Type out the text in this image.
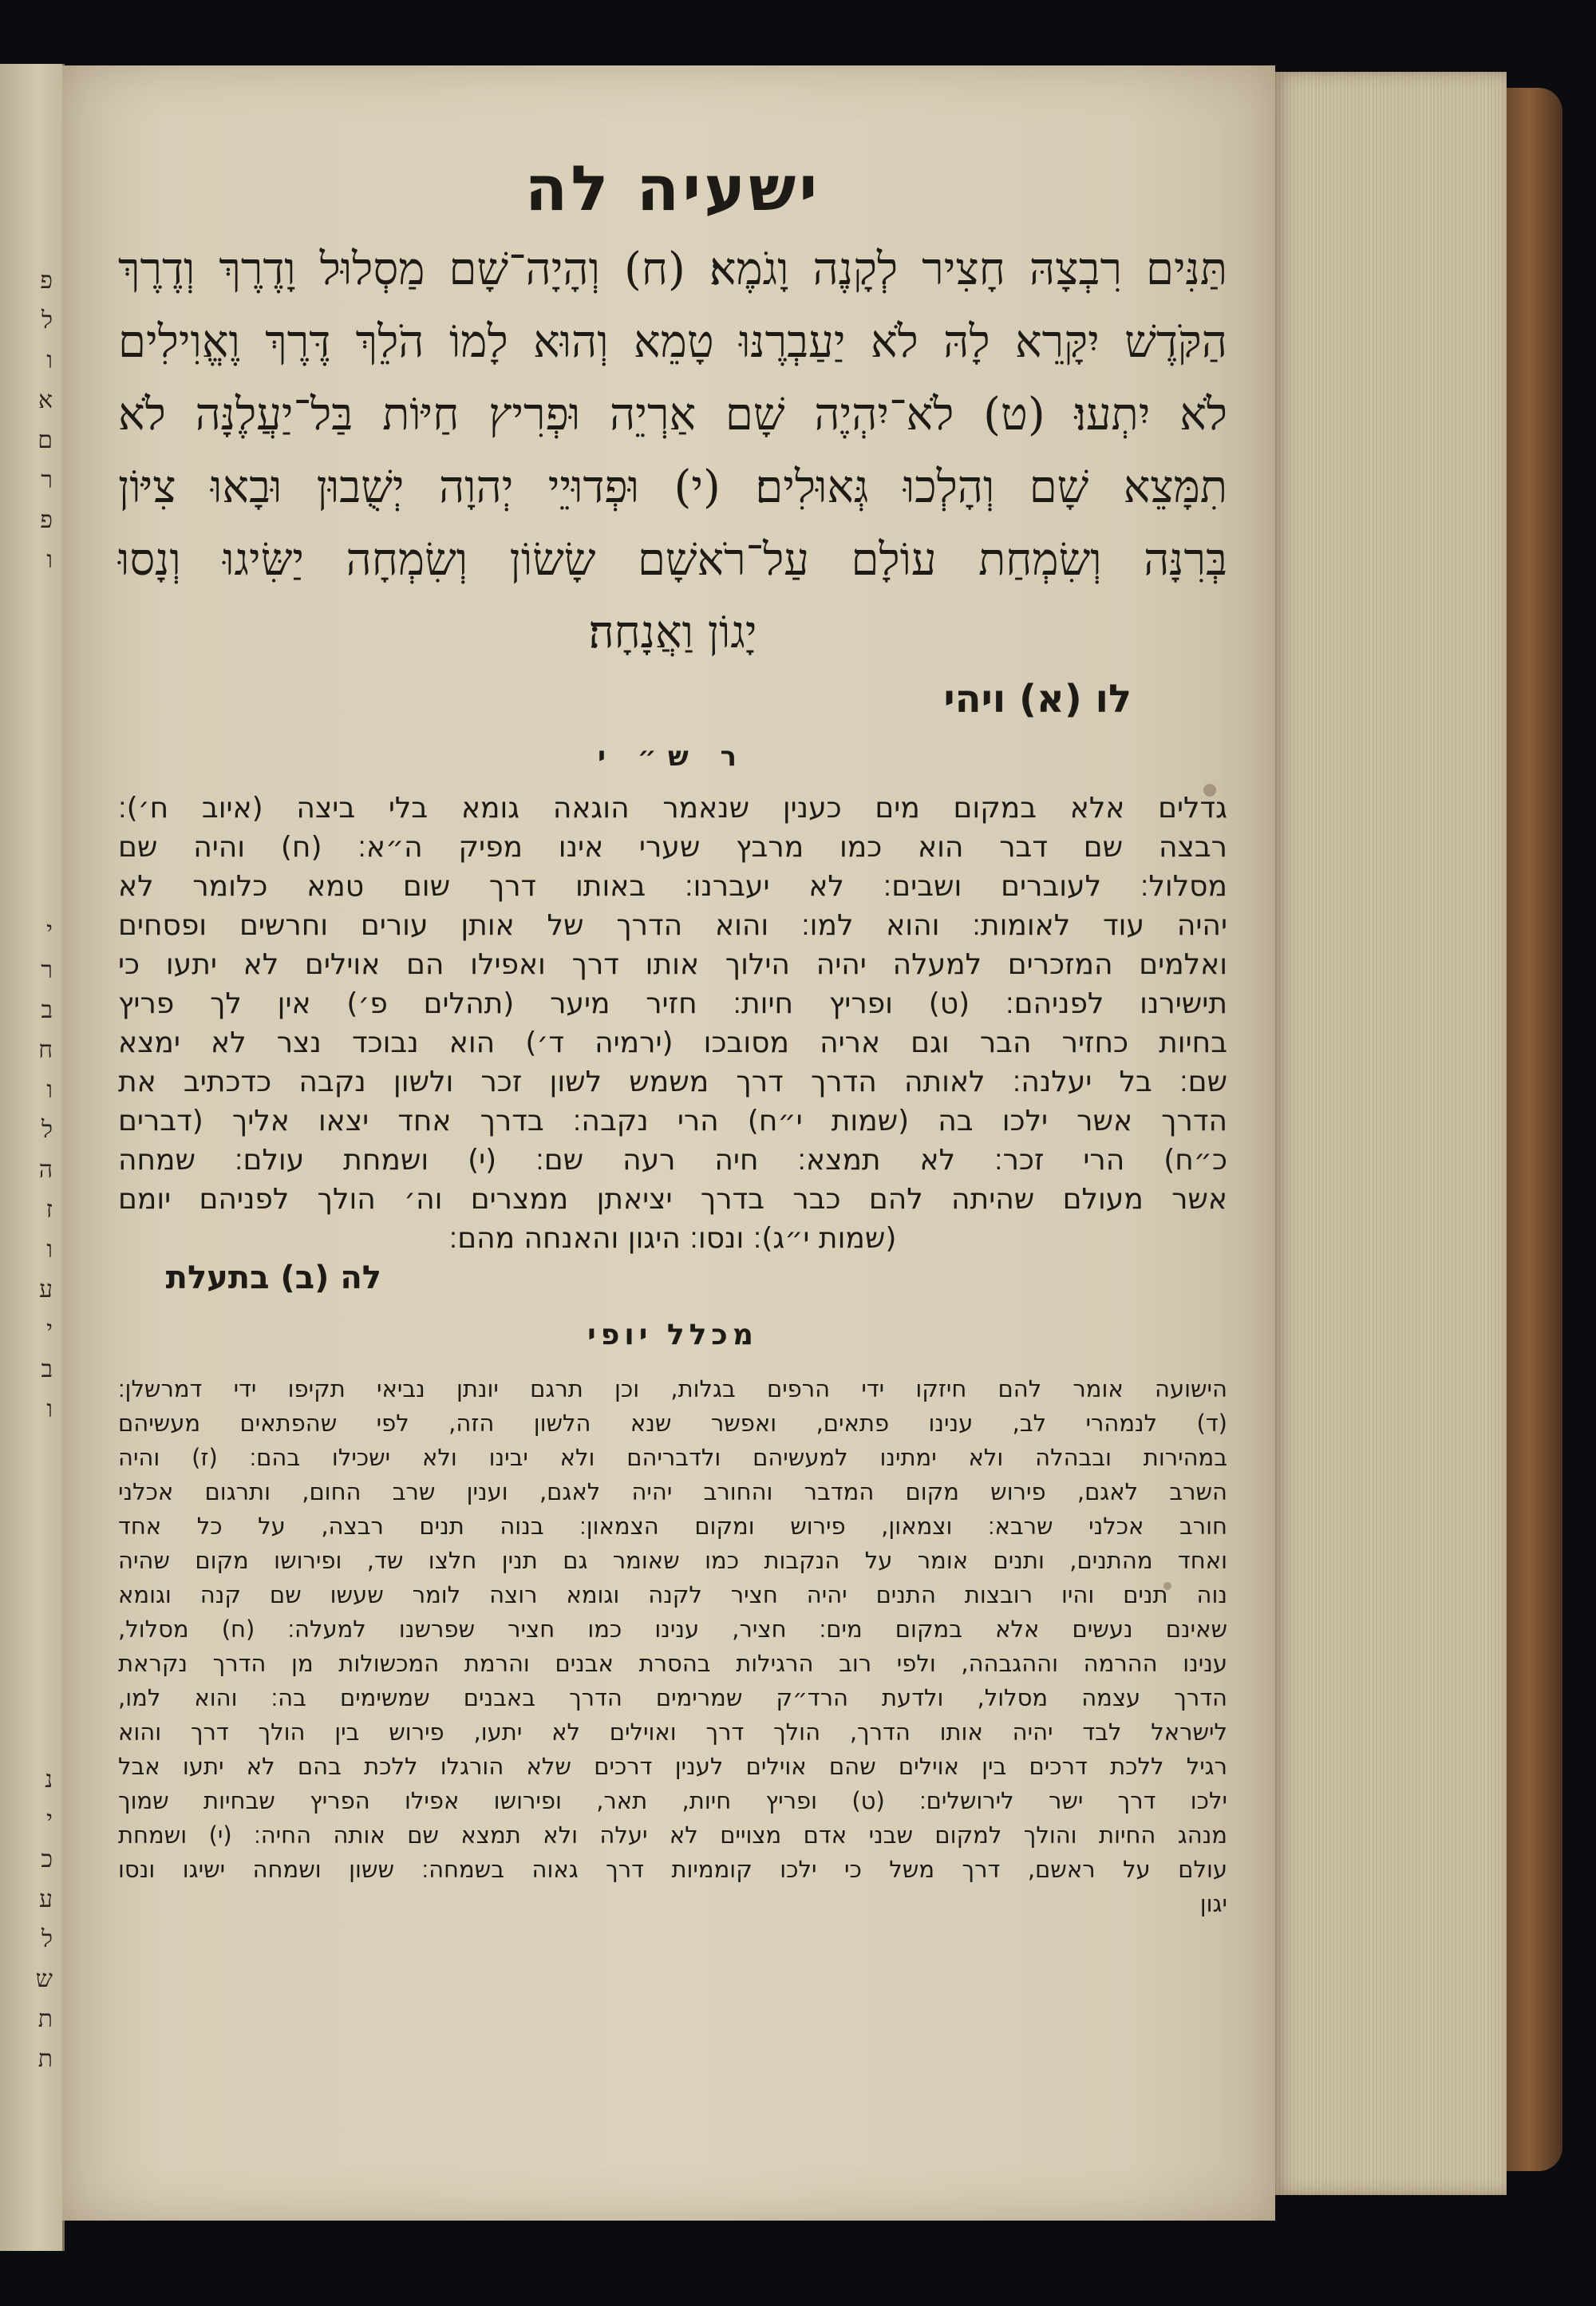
פ
ל
ו
א
ם
ר
פ
ו
י
ר
ב
ח
ו
ל
ה
ז
ו
ע
י
ב
ו
נ
י
כ
ע
ל
ש
ת
ת
ישעיה לה

תַּנִּים רִבְצָהּ חָצִיר לְקָנֶה וָגֹמֶא׃ (ח) וְהָיָה־שָׁם מַסְלוּל וָדֶרֶךְ וְדֶרֶךְ

הַקֹּדֶשׁ יִקָּרֵא לָהּ לֹא יַעַבְרֶנּוּ טָמֵא וְהוּא לָמוֹ הֹלֵךְ דֶּרֶךְ וֶאֱוִילִים

לֹא יִתְעוּ׃ (ט) לֹא־יִהְיֶה שָׁם אַרְיֵה וּפְרִיץ חַיּוֹת בַּל־יַעֲלֶנָּה לֹא

תִמָּצֵא שָׁם וְהָלְכוּ גְּאוּלִים׃ (י) וּפְדוּיֵי יְהוָה יְשֻׁבוּן וּבָאוּ צִיּוֹן

בְּרִנָּה וְשִׂמְחַת עוֹלָם עַל־רֹאשָׁם שָׂשׂוֹן וְשִׂמְחָה יַשִּׂיגוּ וְנָסוּ

יָגוֹן וַאֲנָחָה׃

לו (א) ויהי
ר ש״ י

גדלים אלא במקום מים כענין שנאמר הוגאה גומא בלי ביצה (איוב ח׳)׃

רבצה שם דבר הוא כמו מרבץ שערי אינו מפיק ה״א׃ (ח) והיה שם

מסלול׃ לעוברים ושבים׃ לא יעברנו׃ באותו דרך שום טמא כלומר לא

יהיה עוד לאומות׃ והוא למו׃ והוא הדרך של אותן עורים וחרשים ופסחים

ואלמים המזכרים למעלה יהיה הילוך אותו דרך ואפילו הם אוילים לא יתעו כי

תישירנו לפניהם׃ (ט) ופריץ חיות׃ חזיר מיער (תהלים פ׳) אין לך פריץ

בחיות כחזיר הבר וגם אריה מסובכו (ירמיה ד׳) הוא נבוכד נצר לא ימצא

שם׃ בל יעלנה׃ לאותה הדרך דרך משמש לשון זכר ולשון נקבה כדכתיב את

הדרך אשר ילכו בה (שמות י״ח) הרי נקבה׃ בדרך אחד יצאו אליך (דברים

כ״ח) הרי זכר׃ לא תמצא׃ חיה רעה שם׃ (י) ושמחת עולם׃ שמחה

אשר מעולם שהיתה להם כבר בדרך יציאתן ממצרים וה׳ הולך לפניהם יומם

(שמות י״ג)׃ ונסו׃ היגון והאנחה מהם׃

לה (ב) בתעלת
מכלל יופי

הישועה אומר להם חיזקו ידי הרפים בגלות, וכן תרגם יונתן נביאי תקיפו ידי דמרשלן׃

(ד) לנמהרי לב, ענינו פתאים, ואפשר שנא הלשון הזה, לפי שהפתאים מעשיהם

במהירות ובבהלה ולא ימתינו למעשיהם ולדבריהם ולא יבינו ולא ישכילו בהם׃ (ז) והיה

השרב לאגם, פירוש מקום המדבר והחורב יהיה לאגם, וענין שרב החום, ותרגום אכלני

חורב אכלני שרבא׃ וצמאון, פירוש ומקום הצמאון׃ בנוה תנים רבצה, על כל אחד

ואחד מהתנים, ותנים אומר על הנקבות כמו שאומר גם תנין חלצו שד, ופירושו מקום שהיה

נוה תנים והיו רובצות התנים יהיה חציר לקנה וגומא רוצה לומר שעשו שם קנה וגומא

שאינם נעשים אלא במקום מים׃ חציר, ענינו כמו חציר שפרשנו למעלה׃ (ח) מסלול,

ענינו ההרמה וההגבהה, ולפי רוב הרגילות בהסרת אבנים והרמת המכשולות מן הדרך נקראת

הדרך עצמה מסלול, ולדעת הרד״ק שמרימים הדרך באבנים שמשימים בה׃ והוא למו,

לישראל לבד יהיה אותו הדרך, הולך דרך ואוילים לא יתעו, פירוש בין הולך דרך והוא

רגיל ללכת דרכים בין אוילים שהם אוילים לענין דרכים שלא הורגלו ללכת בהם לא יתעו אבל

ילכו דרך ישר לירושלים׃ (ט) ופריץ חיות, תאר, ופירושו אפילו הפריץ שבחיות שמוך

מנהג החיות והולך למקום שבני אדם מצויים לא יעלה ולא תמצא שם אותה החיה׃ (י) ושמחת

עולם על ראשם, דרך משל כי ילכו קוממיות דרך גאוה בשמחה׃ ששון ושמחה ישיגו ונסו

יגון
